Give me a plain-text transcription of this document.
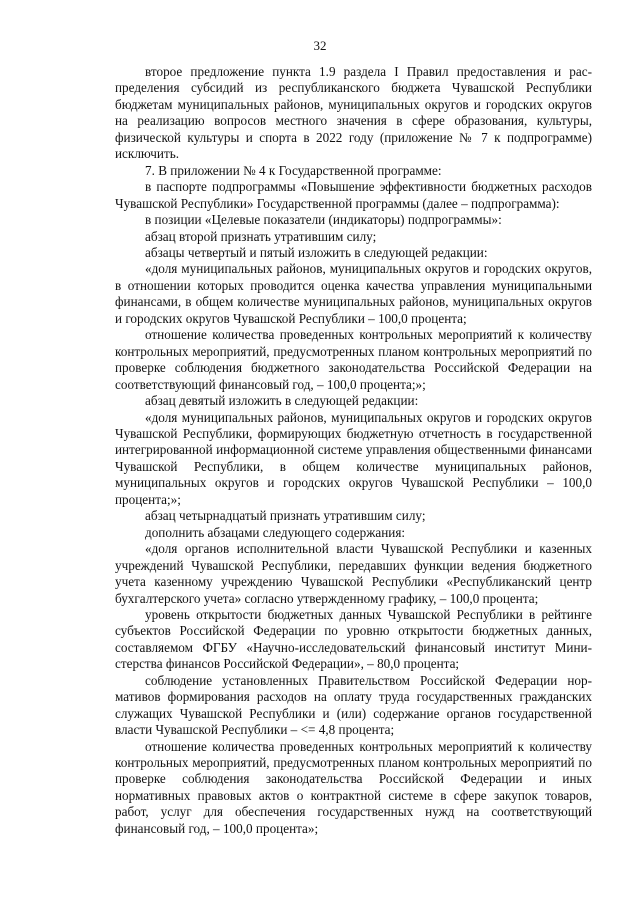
32

второе предложение пункта 1.9 раздела I Правил предоставления и распределения субсидий из республиканского бюджета Чувашской Республики бюджетам муниципальных районов, муниципальных округов и городских округов на реализацию вопросов местного значения в сфере образования, культуры, физической культуры и спорта в 2022 году (приложение № 7 к подпрограмме) исключить.

7. В приложении № 4 к Государственной программе:

в паспорте подпрограммы «Повышение эффективности бюджетных расходов Чувашской Республики» Государственной программы (далее – подпрограмма):

в позиции «Целевые показатели (индикаторы) подпрограммы»:

абзац второй признать утратившим силу;

абзацы четвертый и пятый изложить в следующей редакции:

«доля муниципальных районов, муниципальных округов и городских округов, в отношении которых проводится оценка качества управления муниципальными финансами, в общем количестве муниципальных районов, муниципальных округов и городских округов Чувашской Республики – 100,0 процента;

отношение количества проведенных контрольных мероприятий к количеству контрольных мероприятий, предусмотренных планом контрольных мероприятий по проверке соблюдения бюджетного законодательства Российской Федерации на соответствующий финансовый год, – 100,0 процента;»;

абзац девятый изложить в следующей редакции:

«доля муниципальных районов, муниципальных округов и городских округов Чувашской Республики, формирующих бюджетную отчетность в государственной интегрированной информационной системе управления общественными финансами Чувашской Республики, в общем количестве муниципальных районов, муниципальных округов и городских округов Чувашской Республики – 100,0 процента;»;

абзац четырнадцатый признать утратившим силу;

дополнить абзацами следующего содержания:

«доля органов исполнительной власти Чувашской Республики и казенных учреждений Чувашской Республики, передавших функции ведения бюджетного учета казенному учреждению Чувашской Республики «Республиканский центр бухгалтерского учета» согласно утвержденному графику, – 100,0 процента;

уровень открытости бюджетных данных Чувашской Республики в рейтинге субъектов Российской Федерации по уровню открытости бюджетных данных, составляемом ФГБУ «Научно-исследовательский финансовый институт Министерства финансов Российской Федерации», – 80,0 процента;

соблюдение установленных Правительством Российской Федерации нормативов формирования расходов на оплату труда государственных гражданских служащих Чувашской Республики и (или) содержание органов государственной власти Чувашской Республики – <= 4,8 процента;

отношение количества проведенных контрольных мероприятий к количеству контрольных мероприятий, предусмотренных планом контрольных мероприятий по проверке соблюдения законодательства Российской Федерации и иных нормативных правовых актов о контрактной системе в сфере закупок товаров, работ, услуг для обеспечения государственных нужд на соответствующий финансовый год, – 100,0 процента»;
